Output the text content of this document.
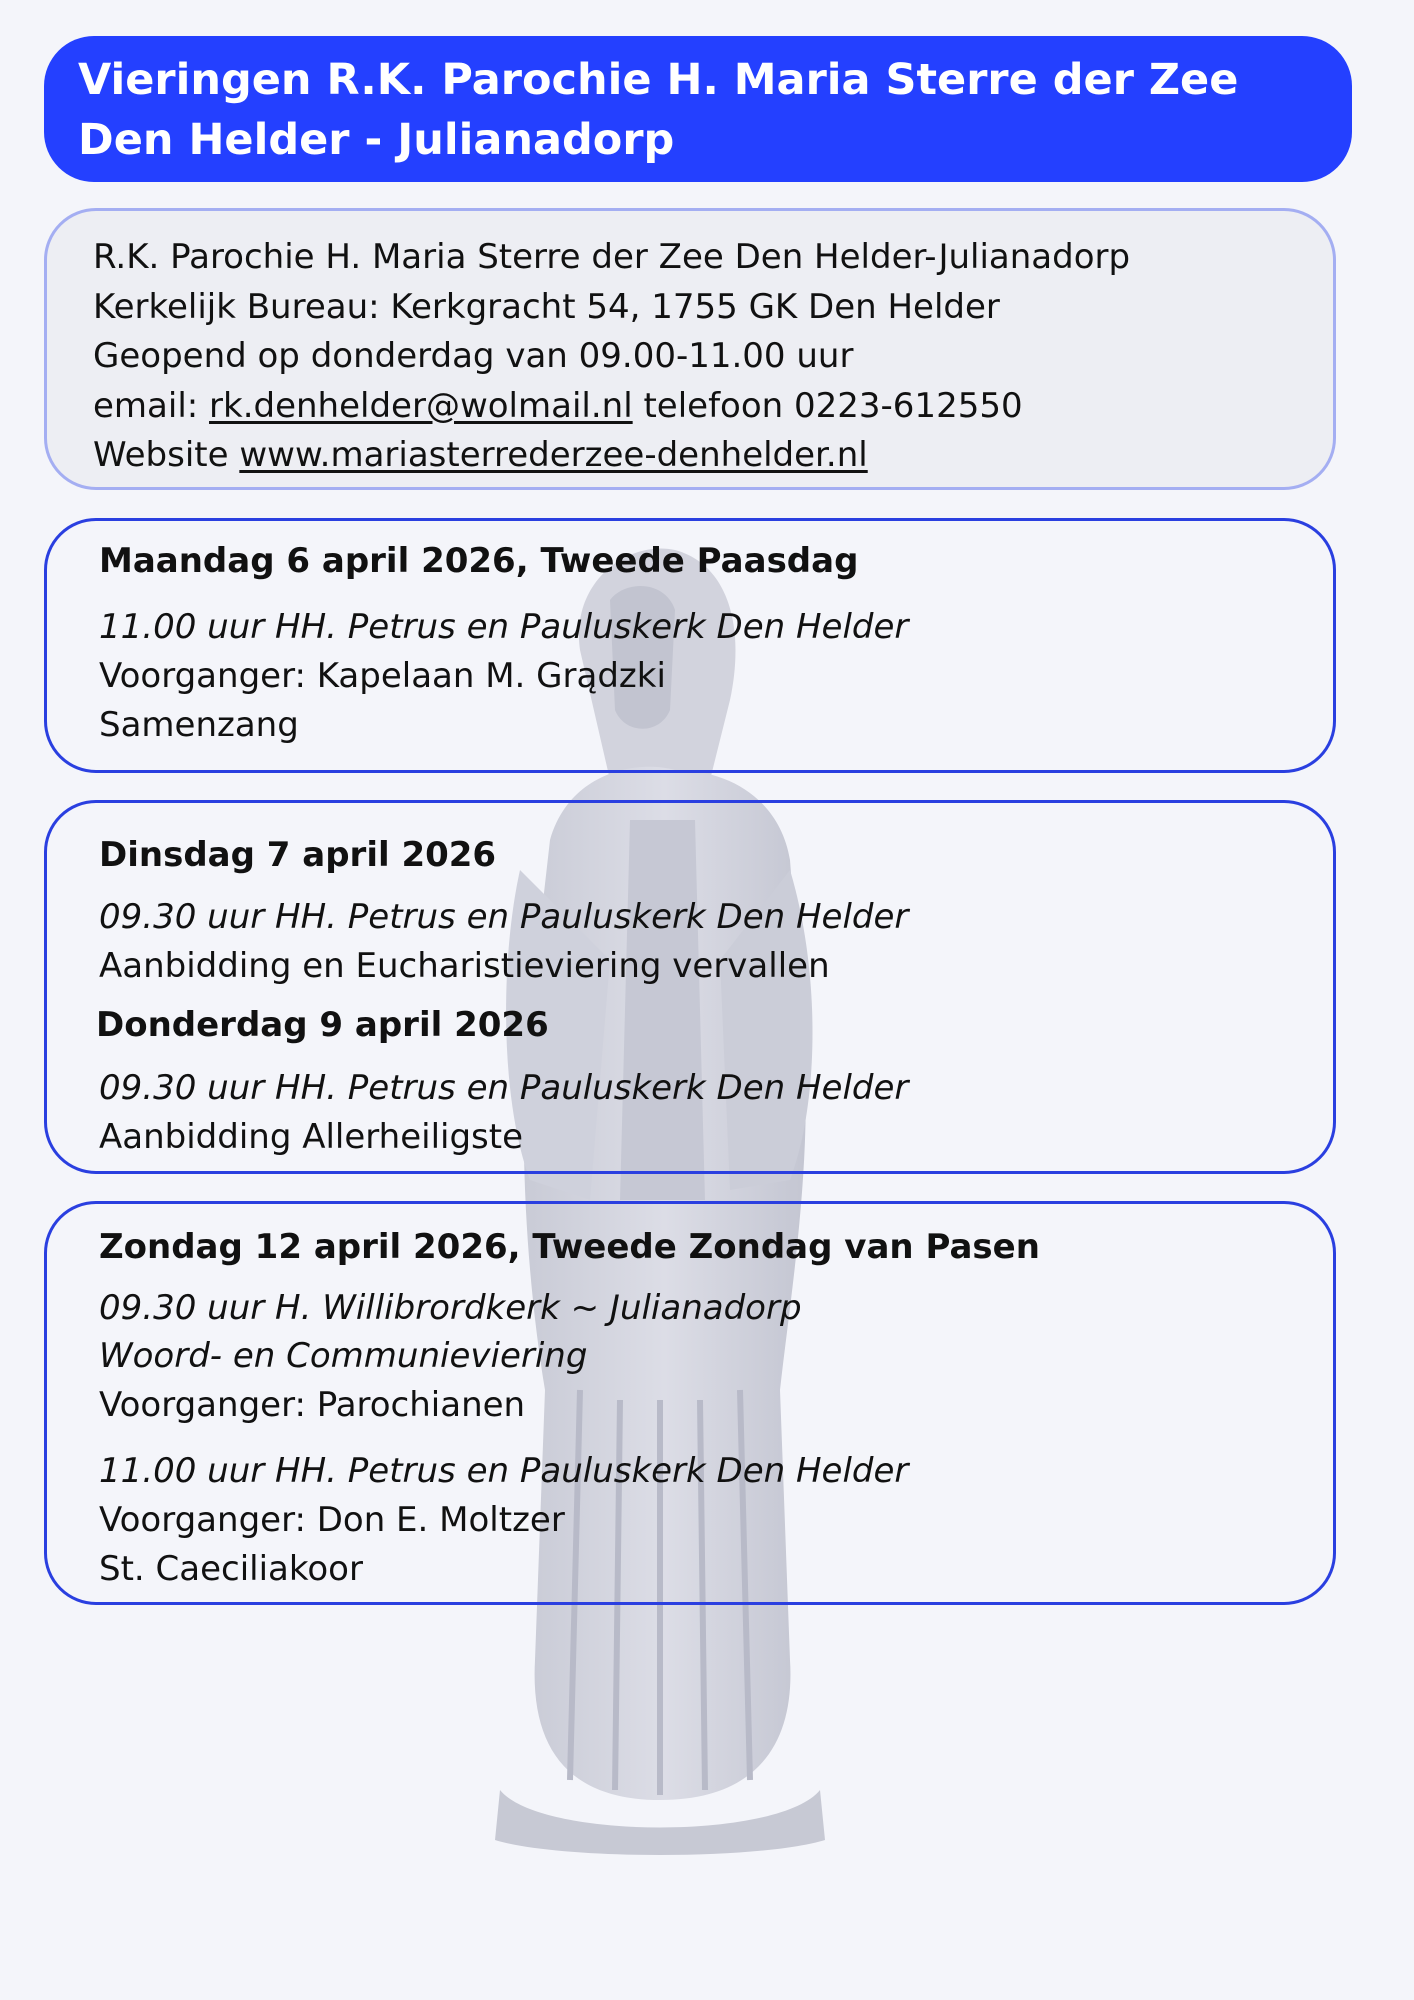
Vieringen R.K. Parochie H. Maria Sterre der Zee
Den Helder - Julianadorp
R.K. Parochie H. Maria Sterre der Zee Den Helder-Julianadorp
Kerkelijk Bureau: Kerkgracht 54, 1755 GK Den Helder
Geopend op donderdag van 09.00-11.00 uur
email: rk.denhelder@wolmail.nl telefoon 0223-612550
Website www.mariasterrederzee-denhelder.nl
Maandag 6 april 2026, Tweede Paasdag
11.00 uur HH. Petrus en Pauluskerk Den Helder
Voorganger: Kapelaan M. Grądzki
Samenzang
Dinsdag 7 april 2026
09.30 uur HH. Petrus en Pauluskerk Den Helder
Aanbidding en Eucharistieviering vervallen
Donderdag 9 april 2026
09.30 uur HH. Petrus en Pauluskerk Den Helder
Aanbidding Allerheiligste
Zondag 12 april 2026, Tweede Zondag van Pasen
09.30 uur H. Willibrordkerk ~ Julianadorp
Woord- en Communieviering
Voorganger: Parochianen
11.00 uur HH. Petrus en Pauluskerk Den Helder
Voorganger: Don E. Moltzer
St. Caeciliakoor
